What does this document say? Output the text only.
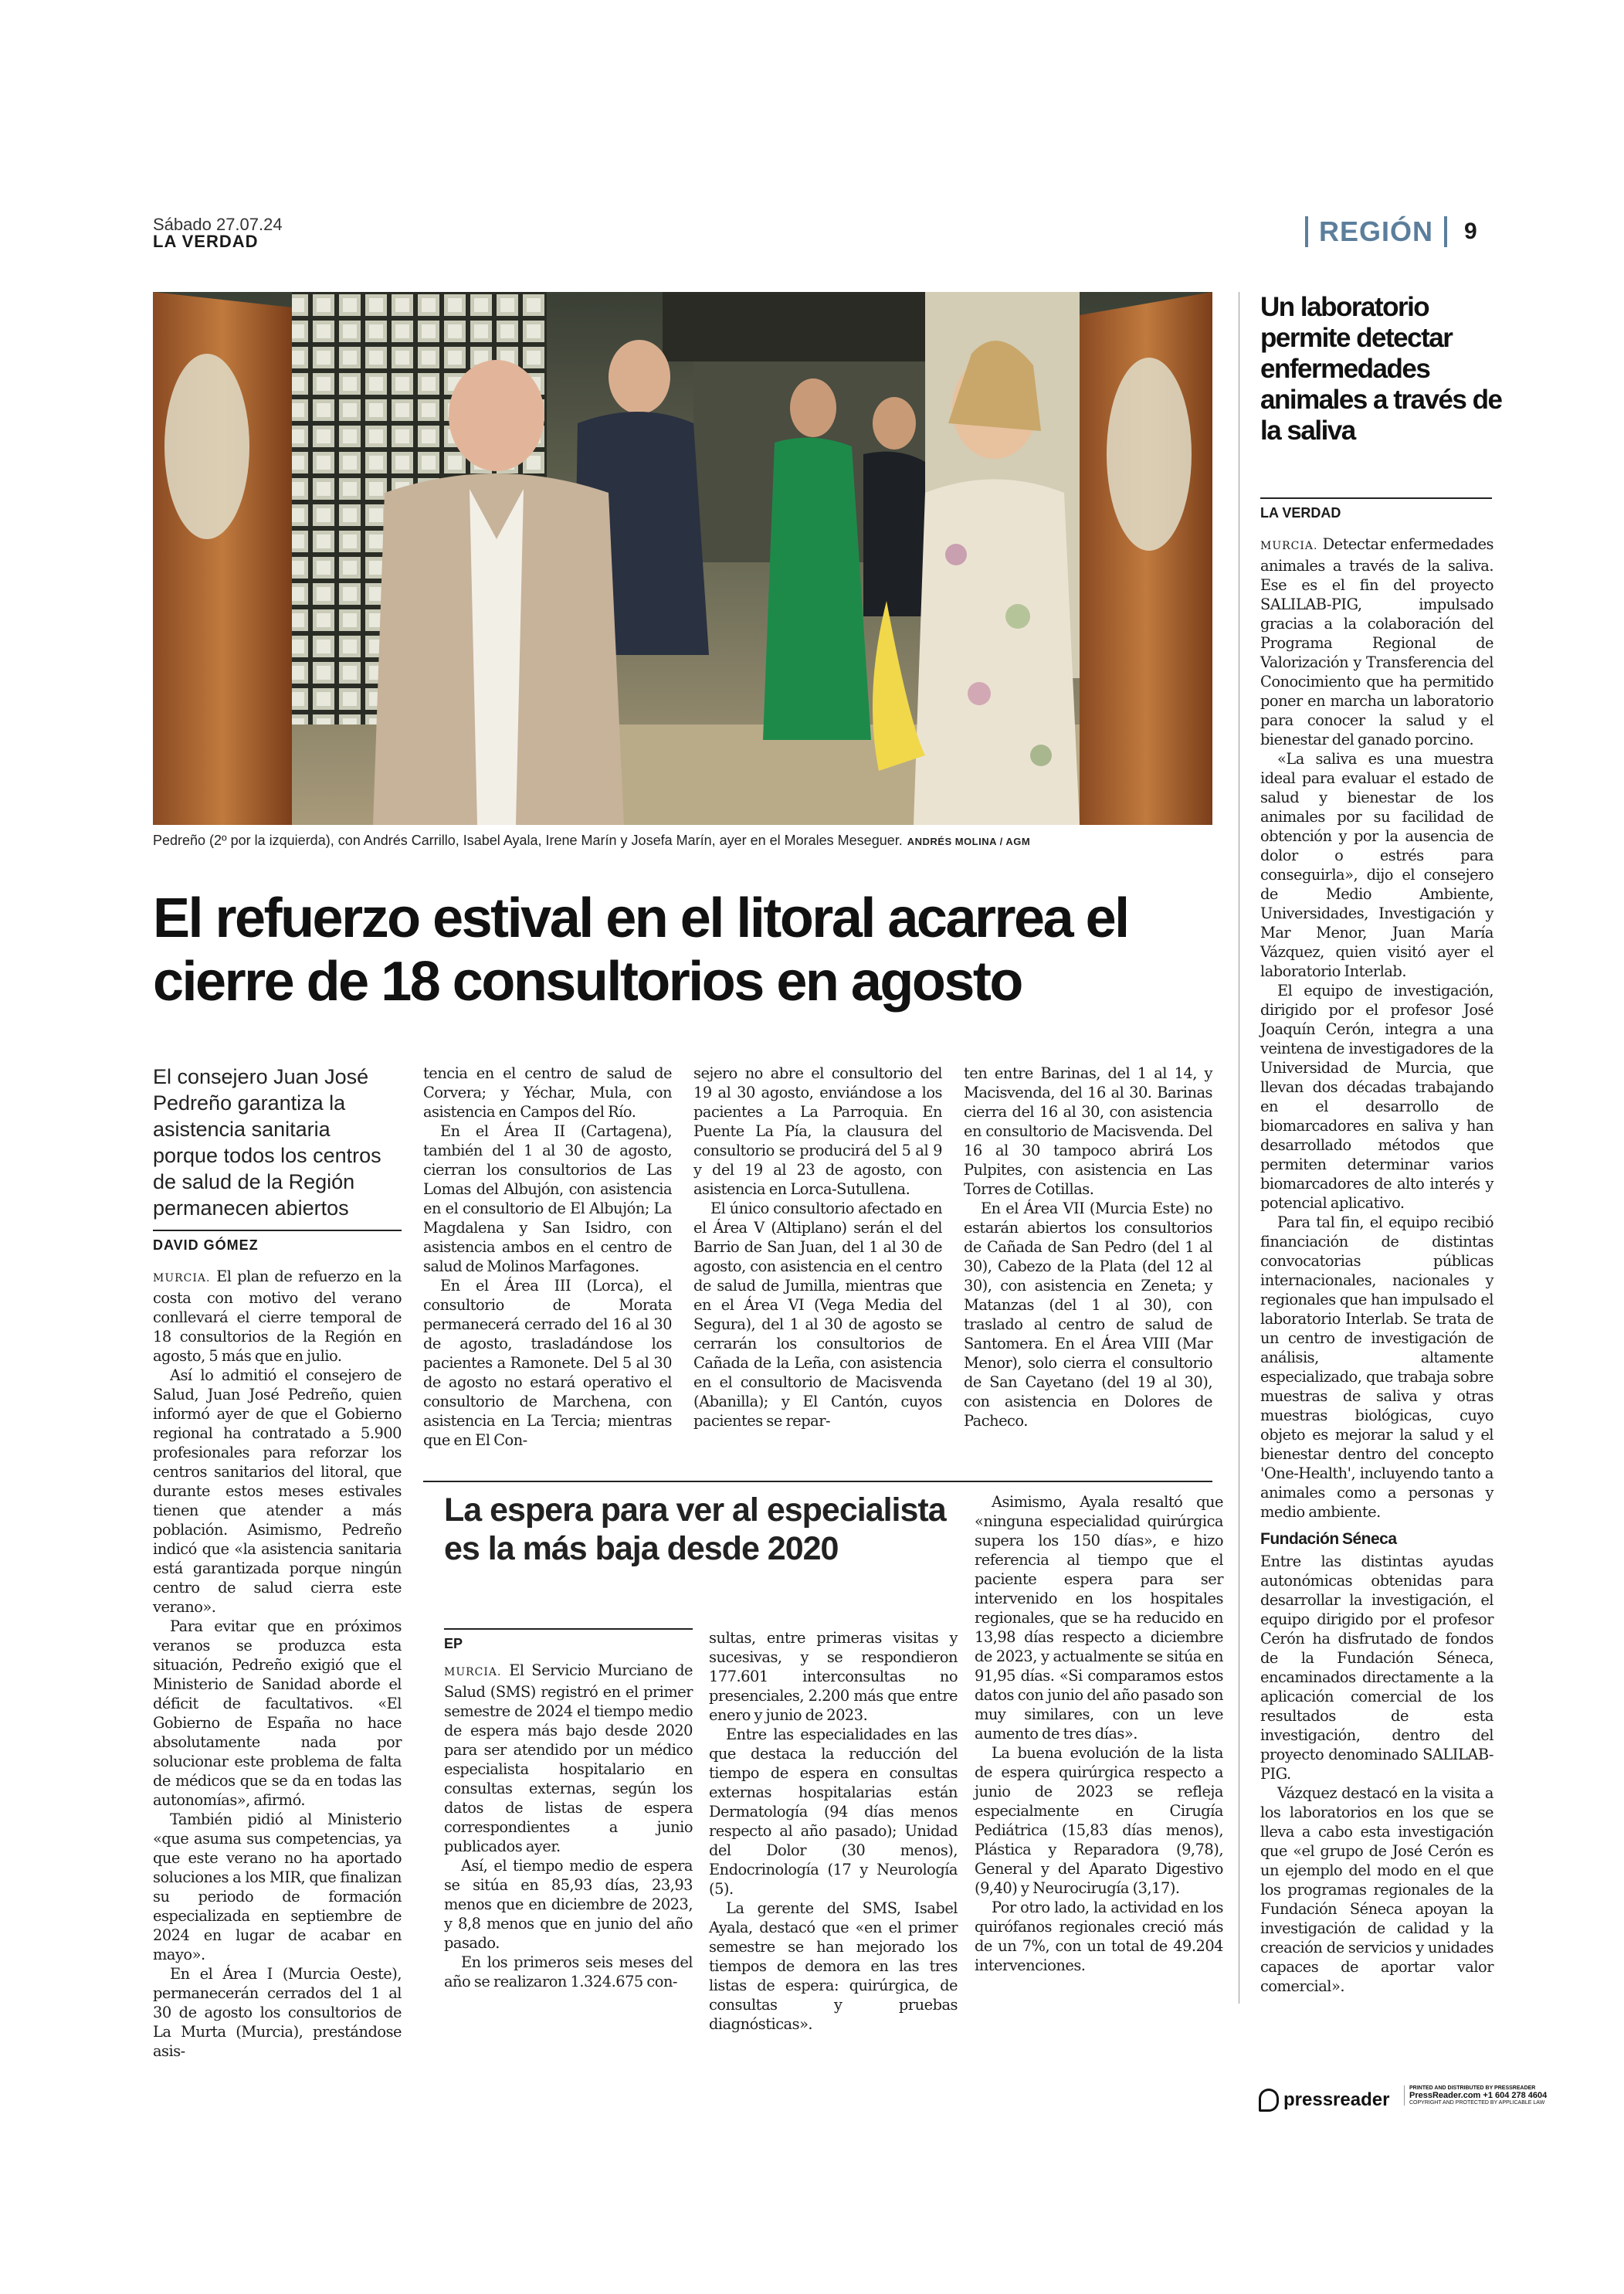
Sábado 27.07.24
LA VERDAD	REGIÓN	9
Pedreño (2º por la izquierda), con Andrés Carrillo, Isabel Ayala, Irene Marín y Josefa Marín, ayer en el Morales Meseguer. ANDRÉS MOLINA / AGM
El refuerzo estival en el litoral acarrea el cierre de 18 consultorios en agosto
El consejero Juan José Pedreño garantiza la asistencia sanitaria porque todos los centros de salud de la Región permanecen abiertos
DAVID GÓMEZ

MURCIA. El plan de refuerzo en la costa con motivo del verano conllevará el cierre temporal de 18 consultorios de la Región en agosto, 5 más que en julio.

Así lo admitió el consejero de Salud, Juan José Pedreño, quien informó ayer de que el Gobierno regional ha contratado a 5.900 profesionales para reforzar los centros sanitarios del litoral, que durante estos meses estivales tienen que atender a más población. Asimismo, Pedreño indicó que «la asistencia sanitaria está garantizada porque ningún centro de salud cierra este verano».

Para evitar que en próximos veranos se produzca esta situación, Pedreño exigió que el Ministerio de Sanidad aborde el déficit de facultativos. «El Gobierno de España no hace absolutamente nada por solucionar este problema de falta de médicos que se da en todas las autonomías», afirmó.

También pidió al Ministerio «que asuma sus competencias, ya que este verano no ha aportado soluciones a los MIR, que finalizan su periodo de formación especializada en septiembre de 2024 en lugar de acabar en mayo».

En el Área I (Murcia Oeste), permanecerán cerrados del 1 al 30 de agosto los consultorios de La Murta (Murcia), prestándose asis-

tencia en el centro de salud de Corvera; y Yéchar, Mula, con asistencia en Campos del Río.

En el Área II (Cartagena), también del 1 al 30 de agosto, cierran los consultorios de Las Lomas del Albujón, con asistencia en el consultorio de El Albujón; La Magdalena y San Isidro, con asistencia ambos en el centro de salud de Molinos Marfagones.

En el Área III (Lorca), el consultorio de Morata permanecerá cerrado del 16 al 30 de agosto, trasladándose los pacientes a Ramonete. Del 5 al 30 de agosto no estará operativo el consultorio de Marchena, con asistencia en La Tercia; mientras que en El Con-

sejero no abre el consultorio del 19 al 30 agosto, enviándose a los pacientes a La Parroquia. En Puente La Pía, la clausura del consultorio se producirá del 5 al 9 y del 19 al 23 de agosto, con asistencia en Lorca-Sutullena.

El único consultorio afectado en el Área V (Altiplano) serán el del Barrio de San Juan, del 1 al 30 de agosto, con asistencia en el centro de salud de Jumilla, mientras que en el Área VI (Vega Media del Segura), del 1 al 30 de agosto se cerrarán los consultorios de Cañada de la Leña, con asistencia en el consultorio de Macisvenda (Abanilla); y El Cantón, cuyos pacientes se repar-

ten entre Barinas, del 1 al 14, y Macisvenda, del 16 al 30. Barinas cierra del 16 al 30, con asistencia en consultorio de Macisvenda. Del 16 al 30 tampoco abrirá Los Pulpites, con asistencia en Las Torres de Cotillas.

En el Área VII (Murcia Este) no estarán abiertos los consultorios de Cañada de San Pedro (del 1 al 30), Cabezo de la Plata (del 12 al 30), con asistencia en Zeneta; y Matanzas (del 1 al 30), con traslado al centro de salud de Santomera. En el Área VIII (Mar Menor), solo cierra el consultorio de San Cayetano (del 19 al 30), con asistencia en Dolores de Pacheco.

La espera para ver al especialista es la más baja desde 2020
EP

MURCIA. El Servicio Murciano de Salud (SMS) registró en el primer semestre de 2024 el tiempo medio de espera más bajo desde 2020 para ser atendido por un médico especialista hospitalario en consultas externas, según los datos de listas de espera correspondientes a junio publicados ayer.

Así, el tiempo medio de espera se sitúa en 85,93 días, 23,93 menos que en diciembre de 2023, y 8,8 menos que en junio del año pasado.

En los primeros seis meses del año se realizaron 1.324.675 con-

sultas, entre primeras visitas y sucesivas, y se respondieron 177.601 interconsultas no presenciales, 2.200 más que entre enero y junio de 2023.

Entre las especialidades en las que destaca la reducción del tiempo de espera en consultas externas hospitalarias están Dermatología (94 días menos respecto al año pasado); Unidad del Dolor (30 menos), Endocrinología (17 y Neurología (5).

La gerente del SMS, Isabel Ayala, destacó que «en el primer semestre se han mejorado los tiempos de demora en las tres listas de espera: quirúrgica, de consultas y pruebas diagnósticas».

Asimismo, Ayala resaltó que «ninguna especialidad quirúrgica supera los 150 días», e hizo referencia al tiempo que el paciente espera para ser intervenido en los hospitales regionales, que se ha reducido en 13,98 días respecto a diciembre de 2023, y actualmente se sitúa en 91,95 días. «Si comparamos estos datos con junio del año pasado son muy similares, con un leve aumento de tres días».

La buena evolución de la lista de espera quirúrgica respecto a junio de 2023 se refleja especialmente en Cirugía Pediátrica (15,83 días menos), Plástica y Reparadora (9,78), General y del Aparato Digestivo (9,40) y Neurocirugía (3,17).

Por otro lado, la actividad en los quirófanos regionales creció más de un 7%, con un total de 49.204 intervenciones.

Un laboratorio permite detectar enfermedades animales a través de la saliva
LA VERDAD

MURCIA. Detectar enfermedades animales a través de la saliva. Ese es el fin del proyecto SALILAB-PIG, impulsado gracias a la colaboración del Programa Regional de Valorización y Transferencia del Conocimiento que ha permitido poner en marcha un laboratorio para conocer la salud y el bienestar del ganado porcino.

«La saliva es una muestra ideal para evaluar el estado de salud y bienestar de los animales por su facilidad de obtención y por la ausencia de dolor o estrés para conseguirla», dijo el consejero de Medio Ambiente, Universidades, Investigación y Mar Menor, Juan María Vázquez, quien visitó ayer el laboratorio Interlab.

El equipo de investigación, dirigido por el profesor José Joaquín Cerón, integra a una veintena de investigadores de la Universidad de Murcia, que llevan dos décadas trabajando en el desarrollo de biomarcadores en saliva y han desarrollado métodos que permiten determinar varios biomarcadores de alto interés y potencial aplicativo.

Para tal fin, el equipo recibió financiación de distintas convocatorias públicas internacionales, nacionales y regionales que han impulsado el laboratorio Interlab. Se trata de un centro de investigación de análisis, altamente especializado, que trabaja sobre muestras de saliva y otras muestras biológicas, cuyo objeto es mejorar la salud y el bienestar dentro del concepto 'One-Health', incluyendo tanto a animales como a personas y medio ambiente.

Fundación Séneca

Entre las distintas ayudas autonómicas obtenidas para desarrollar la investigación, el equipo dirigido por el profesor Cerón ha disfrutado de fondos de la Fundación Séneca, encaminados directamente a la aplicación comercial de los resultados de esta investigación, dentro del proyecto denominado SALILAB-PIG.

Vázquez destacó en la visita a los laboratorios en los que se lleva a cabo esta investigación que «el grupo de José Cerón es un ejemplo del modo en el que los programas regionales de la Fundación Séneca apoyan la investigación de calidad y la creación de servicios y unidades capaces de aportar valor comercial».

pressreader
PRINTED AND DISTRIBUTED BY PRESSREADER
PressReader.com +1 604 278 4604
COPYRIGHT AND PROTECTED BY APPLICABLE LAW
